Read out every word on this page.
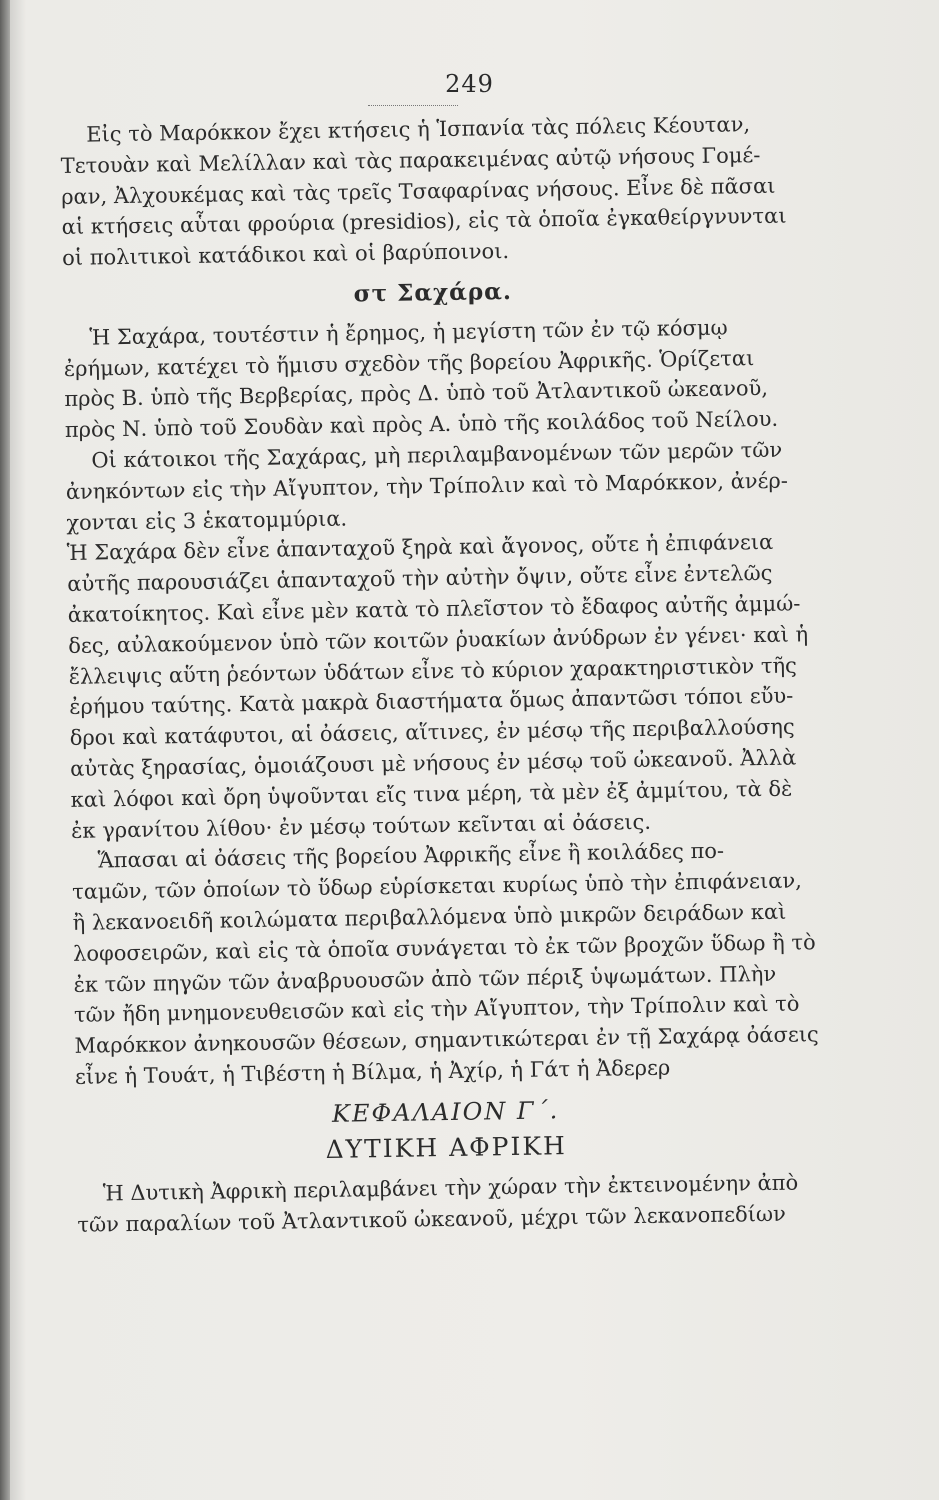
249
Εἰς τὸ Μαρόκκον ἔχει κτήσεις ἡ Ἱσπανία τὰς πόλεις Κέουταν,
Τετουὰν καὶ Μελίλλαν καὶ τὰς παρακειμένας αὐτῷ νήσους Γομέ-
ραν, Ἀλχουκέμας καὶ τὰς τρεῖς Τσαφαρίνας νήσους. Εἶνε δὲ πᾶσαι
αἱ κτήσεις αὗται φρούρια (presidios), εἰς τὰ ὁποῖα ἐγκαθείργνυνται
οἱ πολιτικοὶ κατάδικοι καὶ οἱ βαρύποινοι.
στ Σαχάρα.
Ἡ Σαχάρα, τουτέστιν ἡ ἔρημος, ἡ μεγίστη τῶν ἐν τῷ κόσμῳ
ἐρήμων, κατέχει τὸ ἥμισυ σχεδὸν τῆς βορείου Ἀφρικῆς. Ὁρίζεται
πρὸς Β. ὑπὸ τῆς Βερβερίας, πρὸς Δ. ὑπὸ τοῦ Ἀτλαντικοῦ ὠκεανοῦ,
πρὸς Ν. ὑπὸ τοῦ Σουδὰν καὶ πρὸς Α. ὑπὸ τῆς κοιλάδος τοῦ Νείλου.
Οἱ κάτοικοι τῆς Σαχάρας, μὴ περιλαμβανομένων τῶν μερῶν τῶν
ἀνηκόντων εἰς τὴν Αἴγυπτον, τὴν Τρίπολιν καὶ τὸ Μαρόκκον, ἀνέρ-
χονται εἰς 3 ἑκατομμύρια.
Ἡ Σαχάρα δὲν εἶνε ἁπανταχοῦ ξηρὰ καὶ ἄγονος, οὔτε ἡ ἐπιφάνεια
αὐτῆς παρουσιάζει ἁπανταχοῦ τὴν αὐτὴν ὄψιν, οὔτε εἶνε ἐντελῶς
ἀκατοίκητος. Καὶ εἶνε μὲν κατὰ τὸ πλεῖστον τὸ ἔδαφος αὐτῆς ἀμμώ-
δες, αὐλακούμενον ὑπὸ τῶν κοιτῶν ῥυακίων ἀνύδρων ἐν γένει· καὶ ἡ
ἔλλειψις αὕτη ῥεόντων ὑδάτων εἶνε τὸ κύριον χαρακτηριστικὸν τῆς
ἐρήμου ταύτης. Κατὰ μακρὰ διαστήματα ὅμως ἀπαντῶσι τόποι εὔυ-
δροι καὶ κατάφυτοι, αἱ ὀάσεις, αἵτινες, ἐν μέσῳ τῆς περιβαλλούσης
αὐτὰς ξηρασίας, ὁμοιάζουσι μὲ νήσους ἐν μέσῳ τοῦ ὠκεανοῦ. Ἀλλὰ
καὶ λόφοι καὶ ὄρη ὑψοῦνται εἴς τινα μέρη, τὰ μὲν ἐξ ἀμμίτου, τὰ δὲ
ἐκ γρανίτου λίθου· ἐν μέσῳ τούτων κεῖνται αἱ ὀάσεις.
Ἅπασαι αἱ ὀάσεις τῆς βορείου Ἀφρικῆς εἶνε ἢ κοιλάδες πο-
ταμῶν, τῶν ὁποίων τὸ ὕδωρ εὑρίσκεται κυρίως ὑπὸ τὴν ἐπιφάνειαν,
ἢ λεκανοειδῆ κοιλώματα περιβαλλόμενα ὑπὸ μικρῶν δειράδων καὶ
λοφοσειρῶν, καὶ εἰς τὰ ὁποῖα συνάγεται τὸ ἐκ τῶν βροχῶν ὕδωρ ἢ τὸ
ἐκ τῶν πηγῶν τῶν ἀναβρυουσῶν ἀπὸ τῶν πέριξ ὑψωμάτων. Πλὴν
τῶν ἤδη μνημονευθεισῶν καὶ εἰς τὴν Αἴγυπτον, τὴν Τρίπολιν καὶ τὸ
Μαρόκκον ἀνηκουσῶν θέσεων, σημαντικώτεραι ἐν τῇ Σαχάρᾳ ὀάσεις
εἶνε ἡ Τουάτ, ἡ Τιβέστη ἡ Βίλμα, ἡ Ἀχίρ, ἡ Γάτ ἡ Ἀδερερ
ΚΕΦΑΛΑΙΟΝ Γ΄.
ΔΥΤΙΚΗ ΑΦΡΙΚΗ
Ἡ Δυτικὴ Ἀφρικὴ περιλαμβάνει τὴν χώραν τὴν ἐκτεινομένην ἀπὸ
τῶν παραλίων τοῦ Ἀτλαντικοῦ ὠκεανοῦ, μέχρι τῶν λεκανοπεδίων
